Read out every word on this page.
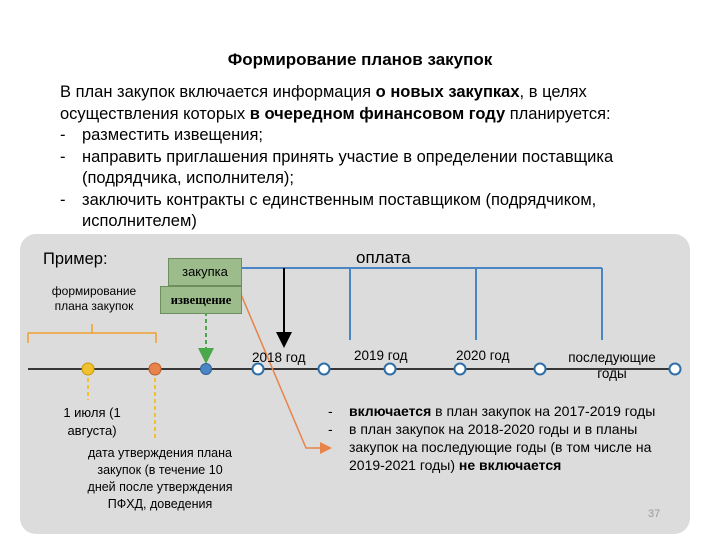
Формирование планов закупок

В план закупок включается информация о новых закупках, в целях осуществления которых в очередном финансовом году планируется:

- разместить извещения;

- направить приглашения принять участие в определении поставщика (подрядчика, исполнителя);

- заключить контракты с единственным поставщиком (подрядчиком, исполнителем)

Пример:
формирование плана закупок
оплата
закупка
извещение
2018 год	2019 год	2020 год	последующие годы
1 июля (1 августа)
дата утверждения плана закупок (в течение 10 дней после утверждения ПФХД, доведения
- включается в план закупок на 2017-2019 годы
- в план закупок на 2018-2020 годы и в планы закупок на последующие годы (в том числе на 2019-2021 годы) не включается
37
